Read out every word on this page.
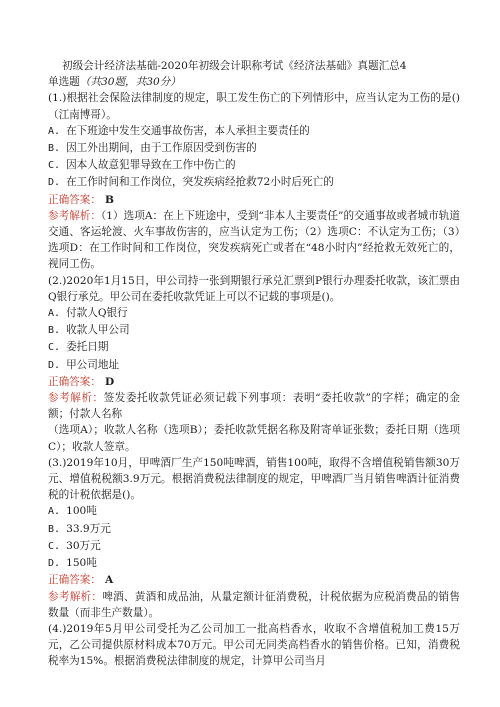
初级会计经济法基础-2020年初级会计职称考试《经济法基础》真题汇总4

单选题（共30题，共30分）

(1.)根据社会保险法律制度的规定，职工发生伤亡的下列情形中，应当认定为工伤的是()（江南博哥）。

A. 在下班途中发生交通事故伤害，本人承担主要责任的

B. 因工外出期间，由于工作原因受到伤害的

C. 因本人故意犯罪导致在工作中伤亡的

D. 在工作时间和工作岗位，突发疾病经抢救72小时后死亡的

正确答案： B

参考解析：（1）选项A：在上下班途中，受到“非本人主要责任”的交通事故或者城市轨道交通、客运轮渡、火车事故伤害的，应当认定为工伤；（2）选项C：不认定为工伤；（3）选项D：在工作时间和工作岗位，突发疾病死亡或者在“48小时内”经抢救无效死亡的，视同工伤。

(2.)2020年1月15日，甲公司持一张到期银行承兑汇票到P银行办理委托收款，该汇票由Q银行承兑。甲公司在委托收款凭证上可以不记载的事项是()。

A. 付款人Q银行

B. 收款人甲公司

C. 委托日期

D. 甲公司地址

正确答案： D

参考解析：签发委托收款凭证必须记载下列事项：表明“委托收款”的字样；确定的金额；付款人名称

（选项A）；收款人名称（选项B）；委托收款凭据名称及附寄单证张数；委托日期（选项C）；收款人签章。

(3.)2019年10月，甲啤酒厂生产150吨啤酒，销售100吨，取得不含增值税销售额30万元、增值税税额3.9万元。根据消费税法律制度的规定，甲啤酒厂当月销售啤酒计征消费税的计税依据是()。

A. 100吨

B. 33.9万元

C. 30万元

D. 150吨

正确答案： A

参考解析：啤酒、黄酒和成品油，从量定额计征消费税，计税依据为应税消费品的销售数量（而非生产数量）。

(4.)2019年5月甲公司受托为乙公司加工一批高档香水，收取不含增值税加工费15万元，乙公司提供原材料成本70万元。甲公司无同类高档香水的销售价格。已知，消费税税率为15%。根据消费税法律制度的规定，计算甲公司当月
